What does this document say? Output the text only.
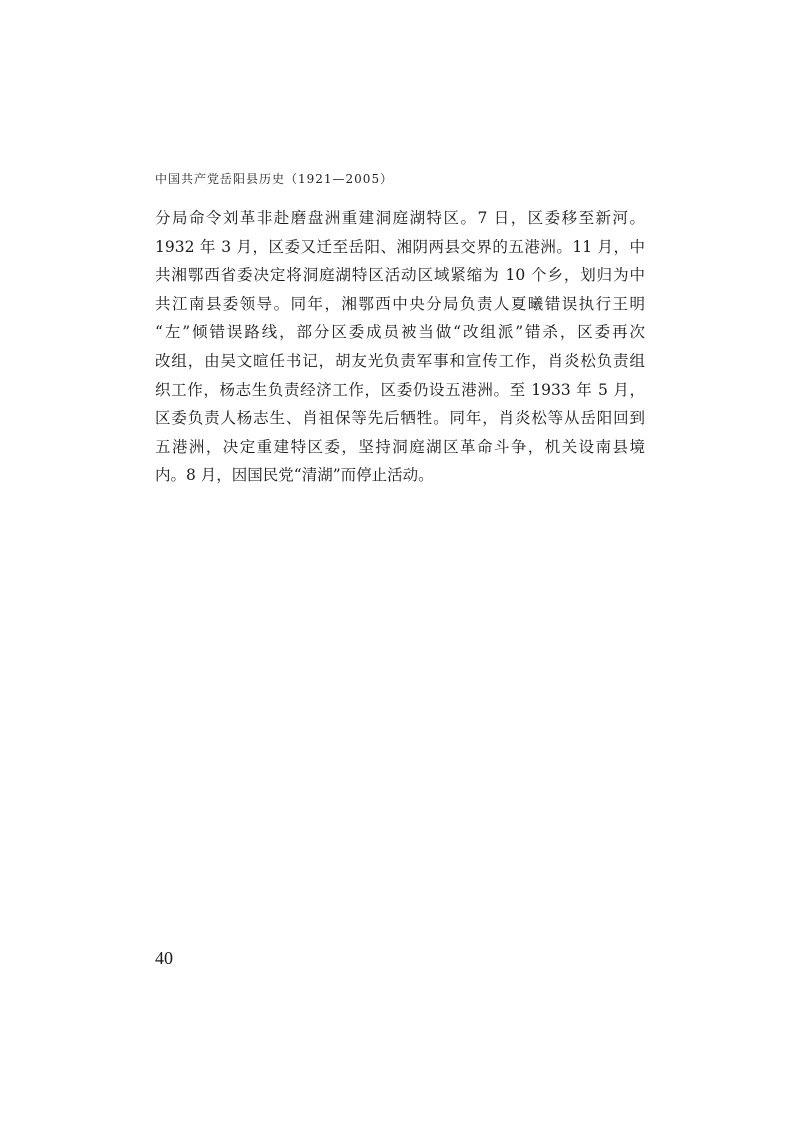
中国共产党岳阳县历史（1921—2005）
分局命令刘革非赴磨盘洲重建洞庭湖特区。7 日，区委移至新河。
1932 年 3 月，区委又迁至岳阳、湘阴两县交界的五港洲。11 月，中
共湘鄂西省委决定将洞庭湖特区活动区域紧缩为 10 个乡，划归为中
共江南县委领导。同年，湘鄂西中央分局负责人夏曦错误执行王明
“左”倾错误路线，部分区委成员被当做“改组派”错杀，区委再次
改组，由吴文暄任书记，胡友光负责军事和宣传工作，肖炎松负责组
织工作，杨志生负责经济工作，区委仍设五港洲。至 1933 年 5 月，
区委负责人杨志生、肖祖保等先后牺牲。同年，肖炎松等从岳阳回到
五港洲，决定重建特区委，坚持洞庭湖区革命斗争，机关设南县境
内。8 月，因国民党“清湖”而停止活动。
40
